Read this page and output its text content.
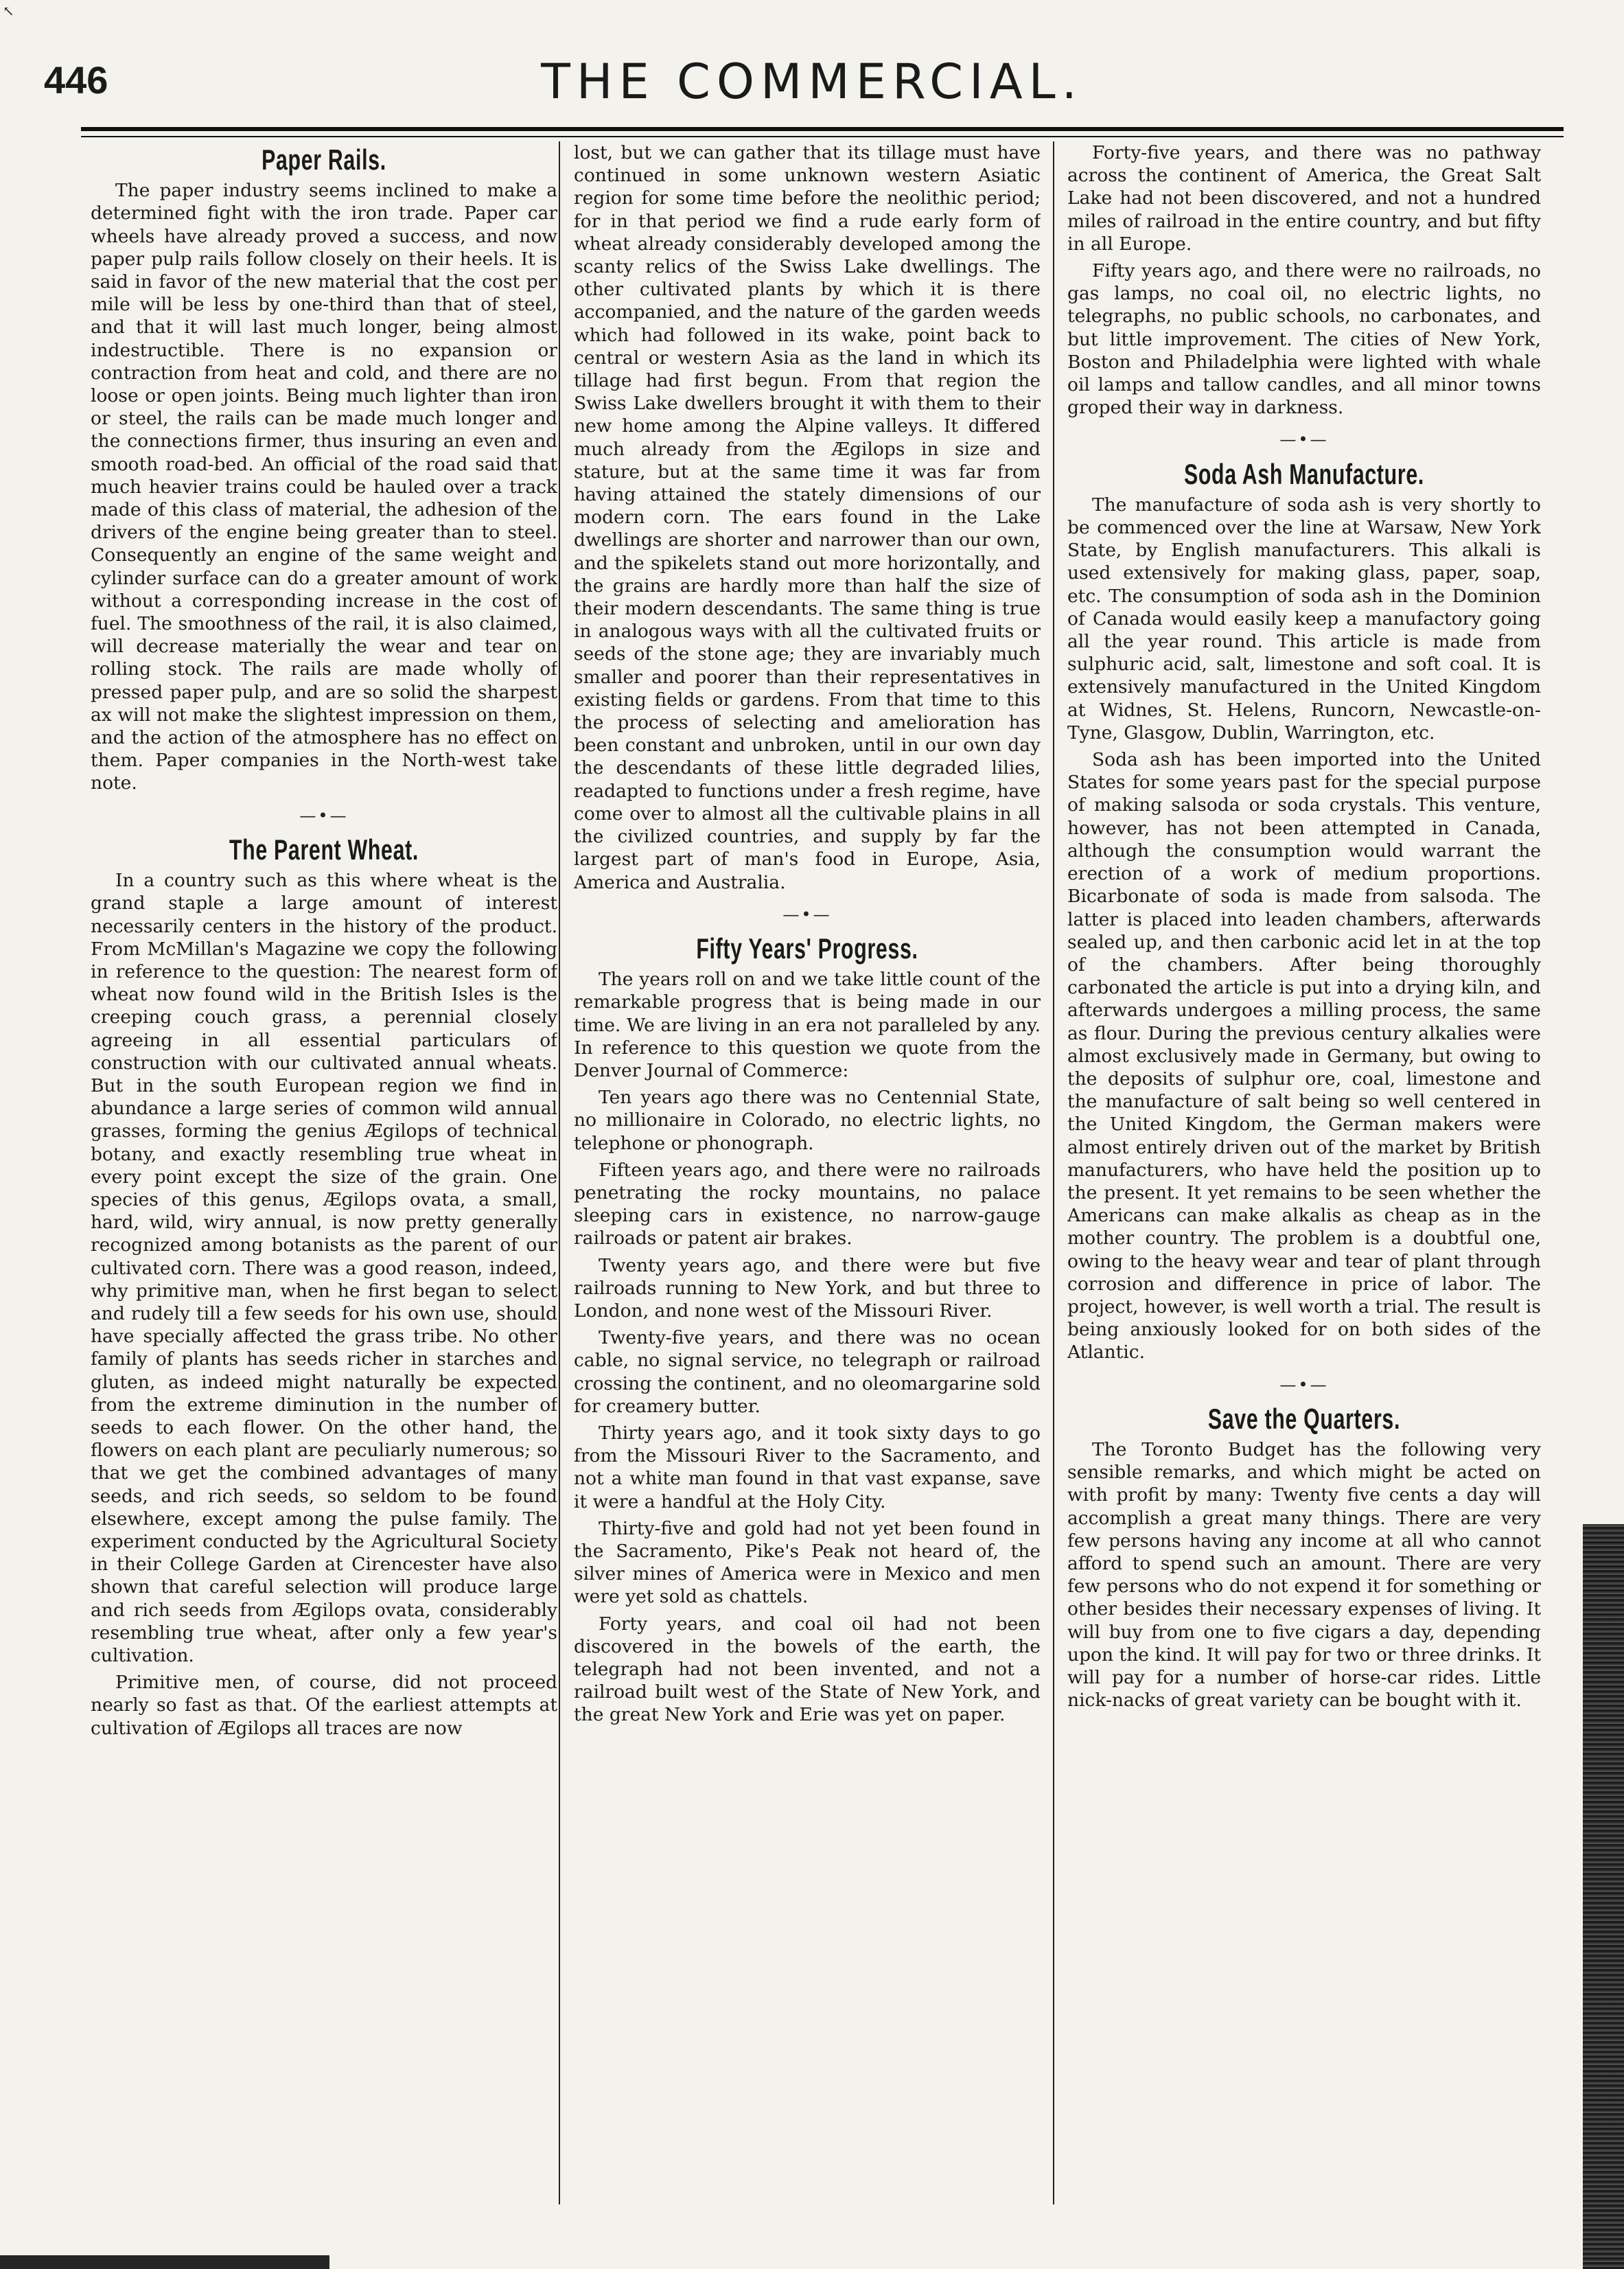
↖
446	THE COMMERCIAL.
Paper Rails.

The paper industry seems inclined to make a determined fight with the iron trade. Paper car wheels have already proved a success, and now paper pulp rails follow closely on their heels. It is said in favor of the new material that the cost per mile will be less by one-third than that of steel, and that it will last much longer, being almost indestructible. There is no expansion or contraction from heat and cold, and there are no loose or open joints. Being much lighter than iron or steel, the rails can be made much longer and the connections firmer, thus insuring an even and smooth road-bed. An official of the road said that much heavier trains could be hauled over a track made of this class of material, the adhesion of the drivers of the engine being greater than to steel. Consequently an engine of the same weight and cylinder surface can do a greater amount of work without a corresponding increase in the cost of fuel. The smoothness of the rail, it is also claimed, will decrease materially the wear and tear on rolling stock. The rails are made wholly of pressed paper pulp, and are so solid the sharpest ax will not make the slightest impression on them, and the action of the atmosphere has no effect on them. Paper companies in the North-west take note.

—•—
The Parent Wheat.

In a country such as this where wheat is the grand staple a large amount of interest necessarily centers in the history of the product. From McMillan's Magazine we copy the following in reference to the question: The nearest form of wheat now found wild in the British Isles is the creeping couch grass, a perennial closely agreeing in all essential particulars of construction with our cultivated annual wheats. But in the south European region we find in abundance a large series of common wild annual grasses, forming the genius Ægilops of technical botany, and exactly resembling true wheat in every point except the size of the grain. One species of this genus, Ægilops ovata, a small, hard, wild, wiry annual, is now pretty generally recognized among botanists as the parent of our cultivated corn. There was a good reason, indeed, why primitive man, when he first began to select and rudely till a few seeds for his own use, should have specially affected the grass tribe. No other family of plants has seeds richer in starches and gluten, as indeed might naturally be expected from the extreme diminution in the number of seeds to each flower. On the other hand, the flowers on each plant are peculiarly numerous; so that we get the combined advantages of many seeds, and rich seeds, so seldom to be found elsewhere, except among the pulse family. The experiment conducted by the Agricultural Society in their College Garden at Cirencester have also shown that careful selection will produce large and rich seeds from Ægilops ovata, considerably resembling true wheat, after only a few year's cultivation.

Primitive men, of course, did not proceed nearly so fast as that. Of the earliest attempts at cultivation of Ægilops all traces are now

lost, but we can gather that its tillage must have continued in some unknown western Asiatic region for some time before the neolithic period; for in that period we find a rude early form of wheat already considerably developed among the scanty relics of the Swiss Lake dwellings. The other cultivated plants by which it is there accompanied, and the nature of the garden weeds which had followed in its wake, point back to central or western Asia as the land in which its tillage had first begun. From that region the Swiss Lake dwellers brought it with them to their new home among the Alpine valleys. It differed much already from the Ægilops in size and stature, but at the same time it was far from having attained the stately dimensions of our modern corn. The ears found in the Lake dwellings are shorter and narrower than our own, and the spikelets stand out more horizontally, and the grains are hardly more than half the size of their modern descendants. The same thing is true in analogous ways with all the cultivated fruits or seeds of the stone age; they are invariably much smaller and poorer than their representatives in existing fields or gardens. From that time to this the process of selecting and amelioration has been constant and unbroken, until in our own day the descendants of these little degraded lilies, readapted to functions under a fresh regime, have come over to almost all the cultivable plains in all the civilized countries, and supply by far the largest part of man's food in Europe, Asia, America and Australia.

—•—
Fifty Years' Progress.

The years roll on and we take little count of the remarkable progress that is being made in our time. We are living in an era not paralleled by any. In reference to this question we quote from the Denver Journal of Commerce:

Ten years ago there was no Centennial State, no millionaire in Colorado, no electric lights, no telephone or phonograph.

Fifteen years ago, and there were no railroads penetrating the rocky mountains, no palace sleeping cars in existence, no narrow-gauge railroads or patent air brakes.

Twenty years ago, and there were but five railroads running to New York, and but three to London, and none west of the Missouri River.

Twenty-five years, and there was no ocean cable, no signal service, no telegraph or railroad crossing the continent, and no oleomargarine sold for creamery butter.

Thirty years ago, and it took sixty days to go from the Missouri River to the Sacramento, and not a white man found in that vast expanse, save it were a handful at the Holy City.

Thirty-five and gold had not yet been found in the Sacramento, Pike's Peak not heard of, the silver mines of America were in Mexico and men were yet sold as chattels.

Forty years, and coal oil had not been discovered in the bowels of the earth, the telegraph had not been invented, and not a railroad built west of the State of New York, and the great New York and Erie was yet on paper.

Forty-five years, and there was no pathway across the continent of America, the Great Salt Lake had not been discovered, and not a hundred miles of railroad in the entire country, and but fifty in all Europe.

Fifty years ago, and there were no railroads, no gas lamps, no coal oil, no electric lights, no telegraphs, no public schools, no carbonates, and but little improvement. The cities of New York, Boston and Philadelphia were lighted with whale oil lamps and tallow candles, and all minor towns groped their way in darkness.

—•—
Soda Ash Manufacture.

The manufacture of soda ash is very shortly to be commenced over the line at Warsaw, New York State, by English manufacturers. This alkali is used extensively for making glass, paper, soap, etc. The consumption of soda ash in the Dominion of Canada would easily keep a manufactory going all the year round. This article is made from sulphuric acid, salt, limestone and soft coal. It is extensively manufactured in the United Kingdom at Widnes, St. Helens, Runcorn, Newcastle-on-Tyne, Glasgow, Dublin, Warrington, etc.

Soda ash has been imported into the United States for some years past for the special purpose of making salsoda or soda crystals. This venture, however, has not been attempted in Canada, although the consumption would warrant the erection of a work of medium proportions. Bicarbonate of soda is made from salsoda. The latter is placed into leaden chambers, afterwards sealed up, and then carbonic acid let in at the top of the chambers. After being thoroughly carbonated the article is put into a drying kiln, and afterwards undergoes a milling process, the same as flour. During the previous century alkalies were almost exclusively made in Germany, but owing to the deposits of sulphur ore, coal, limestone and the manufacture of salt being so well centered in the United Kingdom, the German makers were almost entirely driven out of the market by British manufacturers, who have held the position up to the present. It yet remains to be seen whether the Americans can make alkalis as cheap as in the mother country. The problem is a doubtful one, owing to the heavy wear and tear of plant through corrosion and difference in price of labor. The project, however, is well worth a trial. The result is being anxiously looked for on both sides of the Atlantic.

—•—
Save the Quarters.

The Toronto Budget has the following very sensible remarks, and which might be acted on with profit by many: Twenty five cents a day will accomplish a great many things. There are very few persons having any income at all who cannot afford to spend such an amount. There are very few persons who do not expend it for something or other besides their necessary expenses of living. It will buy from one to five cigars a day, depending upon the kind. It will pay for two or three drinks. It will pay for a number of horse-car rides. Little nick-nacks of great variety can be bought with it.
